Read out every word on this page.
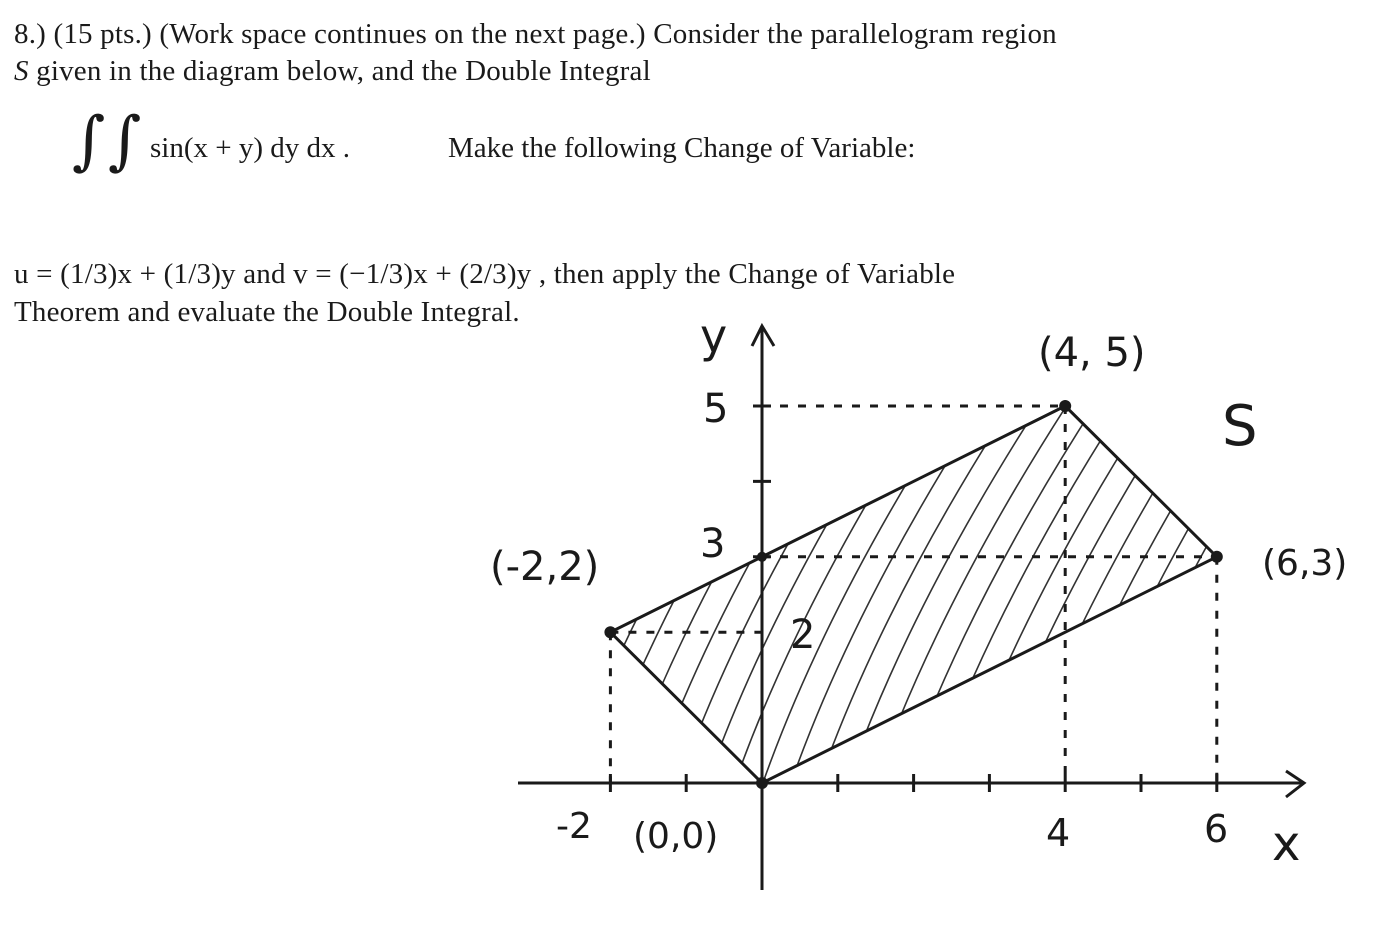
8.) (15 pts.) (Work space continues on the next page.) Consider the parallelogram region
S given in the diagram below, and the Double Integral
∫ ∫ sin(x + y) dy dx .	Make the following Change of Variable:
u = (1/3)x + (1/3)y and v = (−1/3)x + (2/3)y , then apply the Change of Variable
Theorem and evaluate the Double Integral.	y
x
S
(4, 5)
(6,3)
(-2,2)
(0,0)
-2	4	6
5
3
2
